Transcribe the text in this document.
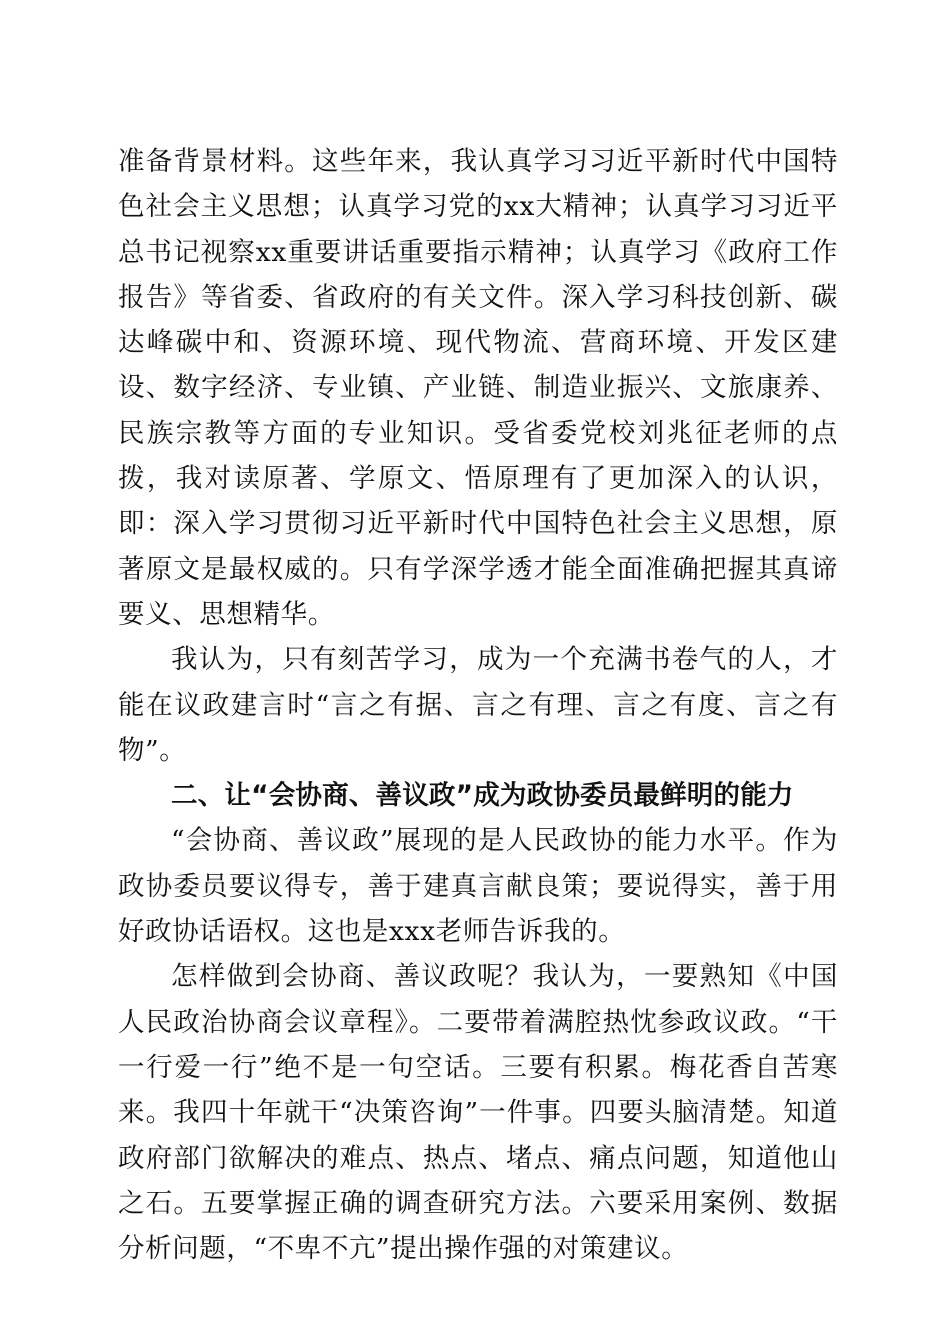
准备背景材料。这些年来，我认真学习习近平新时代中国特色社会主义思想；认真学习党的xx大精神；认真学习习近平总书记视察xx重要讲话重要指示精神；认真学习《政府工作报告》等省委、省政府的有关文件。深入学习科技创新、碳达峰碳中和、资源环境、现代物流、营商环境、开发区建设、数字经济、专业镇、产业链、制造业振兴、文旅康养、民族宗教等方面的专业知识。受省委党校刘兆征老师的点拨，我对读原著、学原文、悟原理有了更加深入的认识，即：深入学习贯彻习近平新时代中国特色社会主义思想，原著原文是最权威的。只有学深学透才能全面准确把握其真谛要义、思想精华。

我认为，只有刻苦学习，成为一个充满书卷气的人，才能在议政建言时“言之有据、言之有理、言之有度、言之有物”。

二、让“会协商、善议政”成为政协委员最鲜明的能力

“会协商、善议政”展现的是人民政协的能力水平。作为政协委员要议得专，善于建真言献良策；要说得实，善于用好政协话语权。这也是xxx老师告诉我的。

怎样做到会协商、善议政呢？我认为，一要熟知《中国人民政治协商会议章程》。二要带着满腔热忱参政议政。“干一行爱一行”绝不是一句空话。三要有积累。梅花香自苦寒来。我四十年就干“决策咨询”一件事。四要头脑清楚。知道政府部门欲解决的难点、热点、堵点、痛点问题，知道他山之石。五要掌握正确的调查研究方法。六要采用案例、数据分析问题，“不卑不亢”提出操作强的对策建议。
